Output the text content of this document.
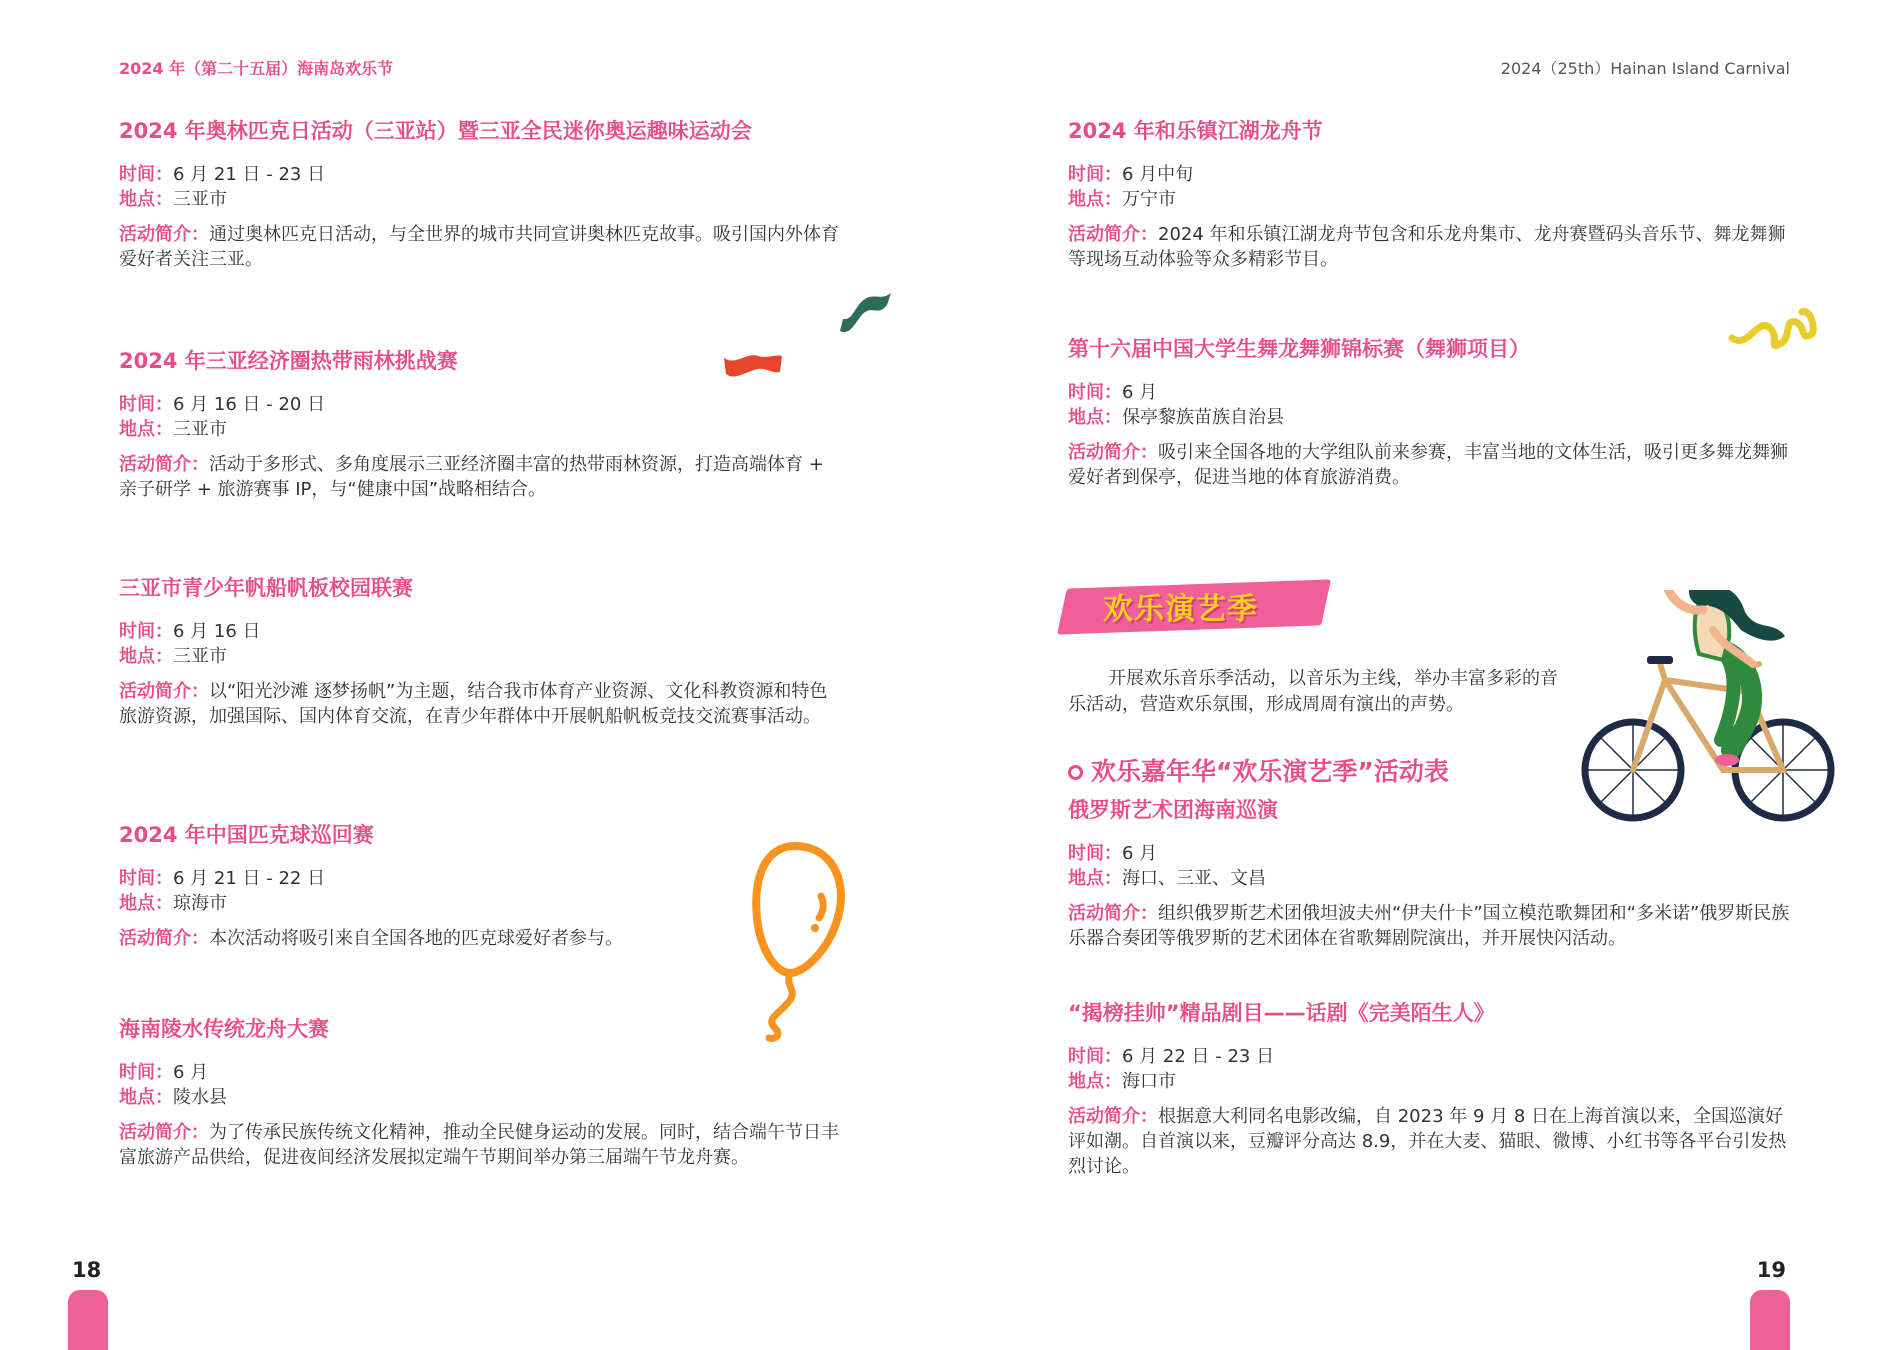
2024 年（第二十五届）海南岛欢乐节
2024 年奥林匹克日活动（三亚站）暨三亚全民迷你奥运趣味运动会
时间：6 月 21 日 - 23 日
地点：三亚市
活动简介：通过奥林匹克日活动，与全世界的城市共同宣讲奥林匹克故事。吸引国内外体育爱好者关注三亚。
2024 年三亚经济圈热带雨林挑战赛
时间：6 月 16 日 - 20 日
地点：三亚市
活动简介：活动于多形式、多角度展示三亚经济圈丰富的热带雨林资源，打造高端体育 + 亲子研学 + 旅游赛事 IP，与“健康中国”战略相结合。
三亚市青少年帆船帆板校园联赛
时间：6 月 16 日
地点：三亚市
活动简介：以“阳光沙滩 逐梦扬帆”为主题，结合我市体育产业资源、文化科教资源和特色旅游资源，加强国际、国内体育交流，在青少年群体中开展帆船帆板竞技交流赛事活动。
2024 年中国匹克球巡回赛
时间：6 月 21 日 - 22 日
地点：琼海市
活动简介：本次活动将吸引来自全国各地的匹克球爱好者参与。
海南陵水传统龙舟大赛
时间：6 月
地点：陵水县
活动简介：为了传承民族传统文化精神，推动全民健身运动的发展。同时，结合端午节日丰富旅游产品供给，促进夜间经济发展拟定端午节期间举办第三届端午节龙舟赛。
18
2024（25th）Hainan Island Carnival
2024 年和乐镇江湖龙舟节
时间：6 月中旬
地点：万宁市
活动简介：2024 年和乐镇江湖龙舟节包含和乐龙舟集市、龙舟赛暨码头音乐节、舞龙舞狮等现场互动体验等众多精彩节目。
第十六届中国大学生舞龙舞狮锦标赛（舞狮项目）
时间：6 月
地点：保亭黎族苗族自治县
活动简介：吸引来全国各地的大学组队前来参赛，丰富当地的文体生活，吸引更多舞龙舞狮爱好者到保亭，促进当地的体育旅游消费。
欢乐演艺季
开展欢乐音乐季活动，以音乐为主线，举办丰富多彩的音乐活动，营造欢乐氛围，形成周周有演出的声势。
欢乐嘉年华“欢乐演艺季”活动表
俄罗斯艺术团海南巡演
时间：6 月
地点：海口、三亚、文昌
活动简介：组织俄罗斯艺术团俄坦波夫州“伊夫什卡”国立模范歌舞团和“多米诺”俄罗斯民族乐器合奏团等俄罗斯的艺术团体在省歌舞剧院演出，并开展快闪活动。
“揭榜挂帅”精品剧目——话剧《完美陌生人》
时间：6 月 22 日 - 23 日
地点：海口市
活动简介：根据意大利同名电影改编，自 2023 年 9 月 8 日在上海首演以来，全国巡演好评如潮。自首演以来，豆瓣评分高达 8.9，并在大麦、猫眼、微博、小红书等各平台引发热烈讨论。
19
